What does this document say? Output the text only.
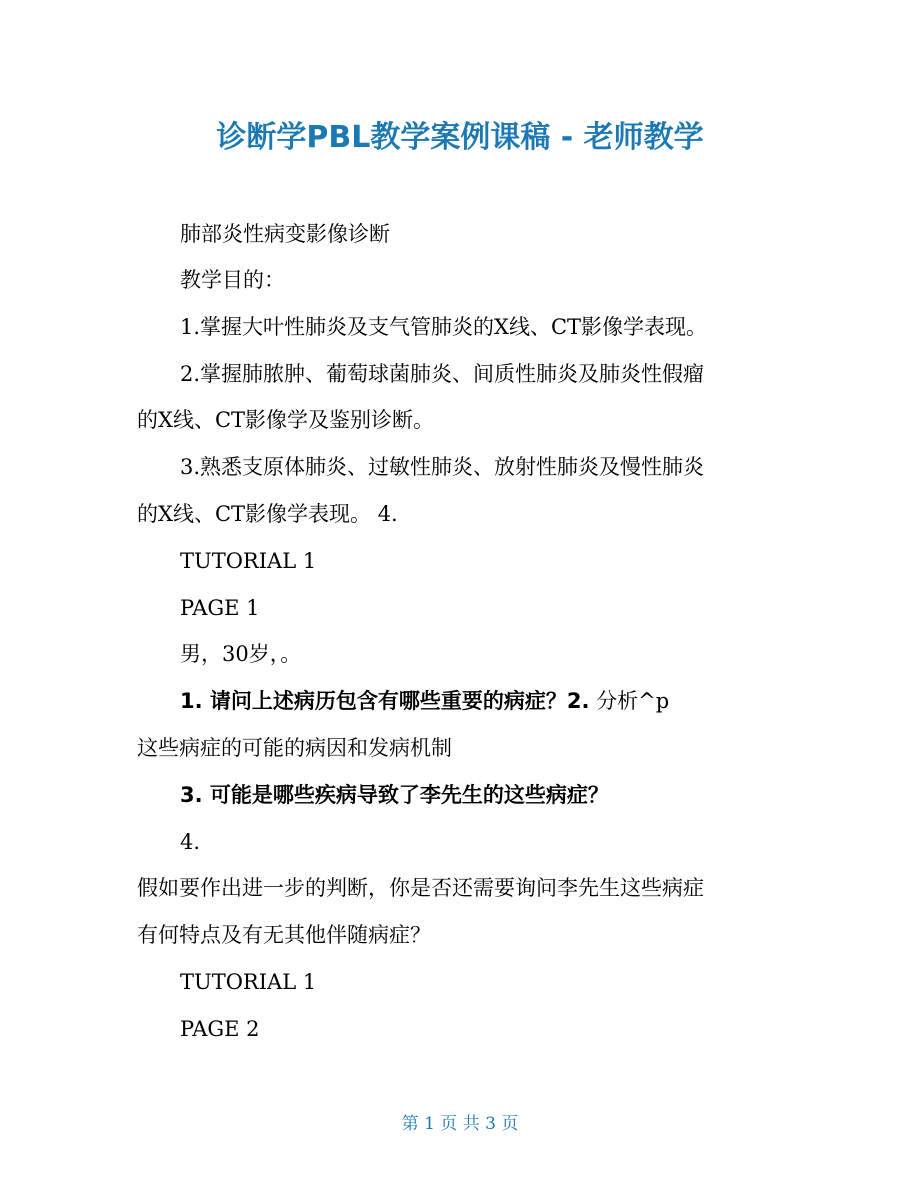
诊断学PBL教学案例课稿 - 老师教学

肺部炎性病变影像诊断

教学目的：

1.掌握大叶性肺炎及支气管肺炎的X线、CT影像学表现。

2.掌握肺脓肿、葡萄球菌肺炎、间质性肺炎及肺炎性假瘤

的X线、CT影像学及鉴别诊断。

3.熟悉支原体肺炎、过敏性肺炎、放射性肺炎及慢性肺炎

的X线、CT影像学表现。 4.

TUTORIAL 1

PAGE 1

男，30岁，。

1. 请问上述病历包含有哪些重要的病症？2. 分析^p

这些病症的可能的病因和发病机制

3. 可能是哪些疾病导致了李先生的这些病症？

4.

假如要作出进一步的判断，你是否还需要询问李先生这些病症

有何特点及有无其他伴随病症？

TUTORIAL 1

PAGE 2

第 1 页 共 3 页
